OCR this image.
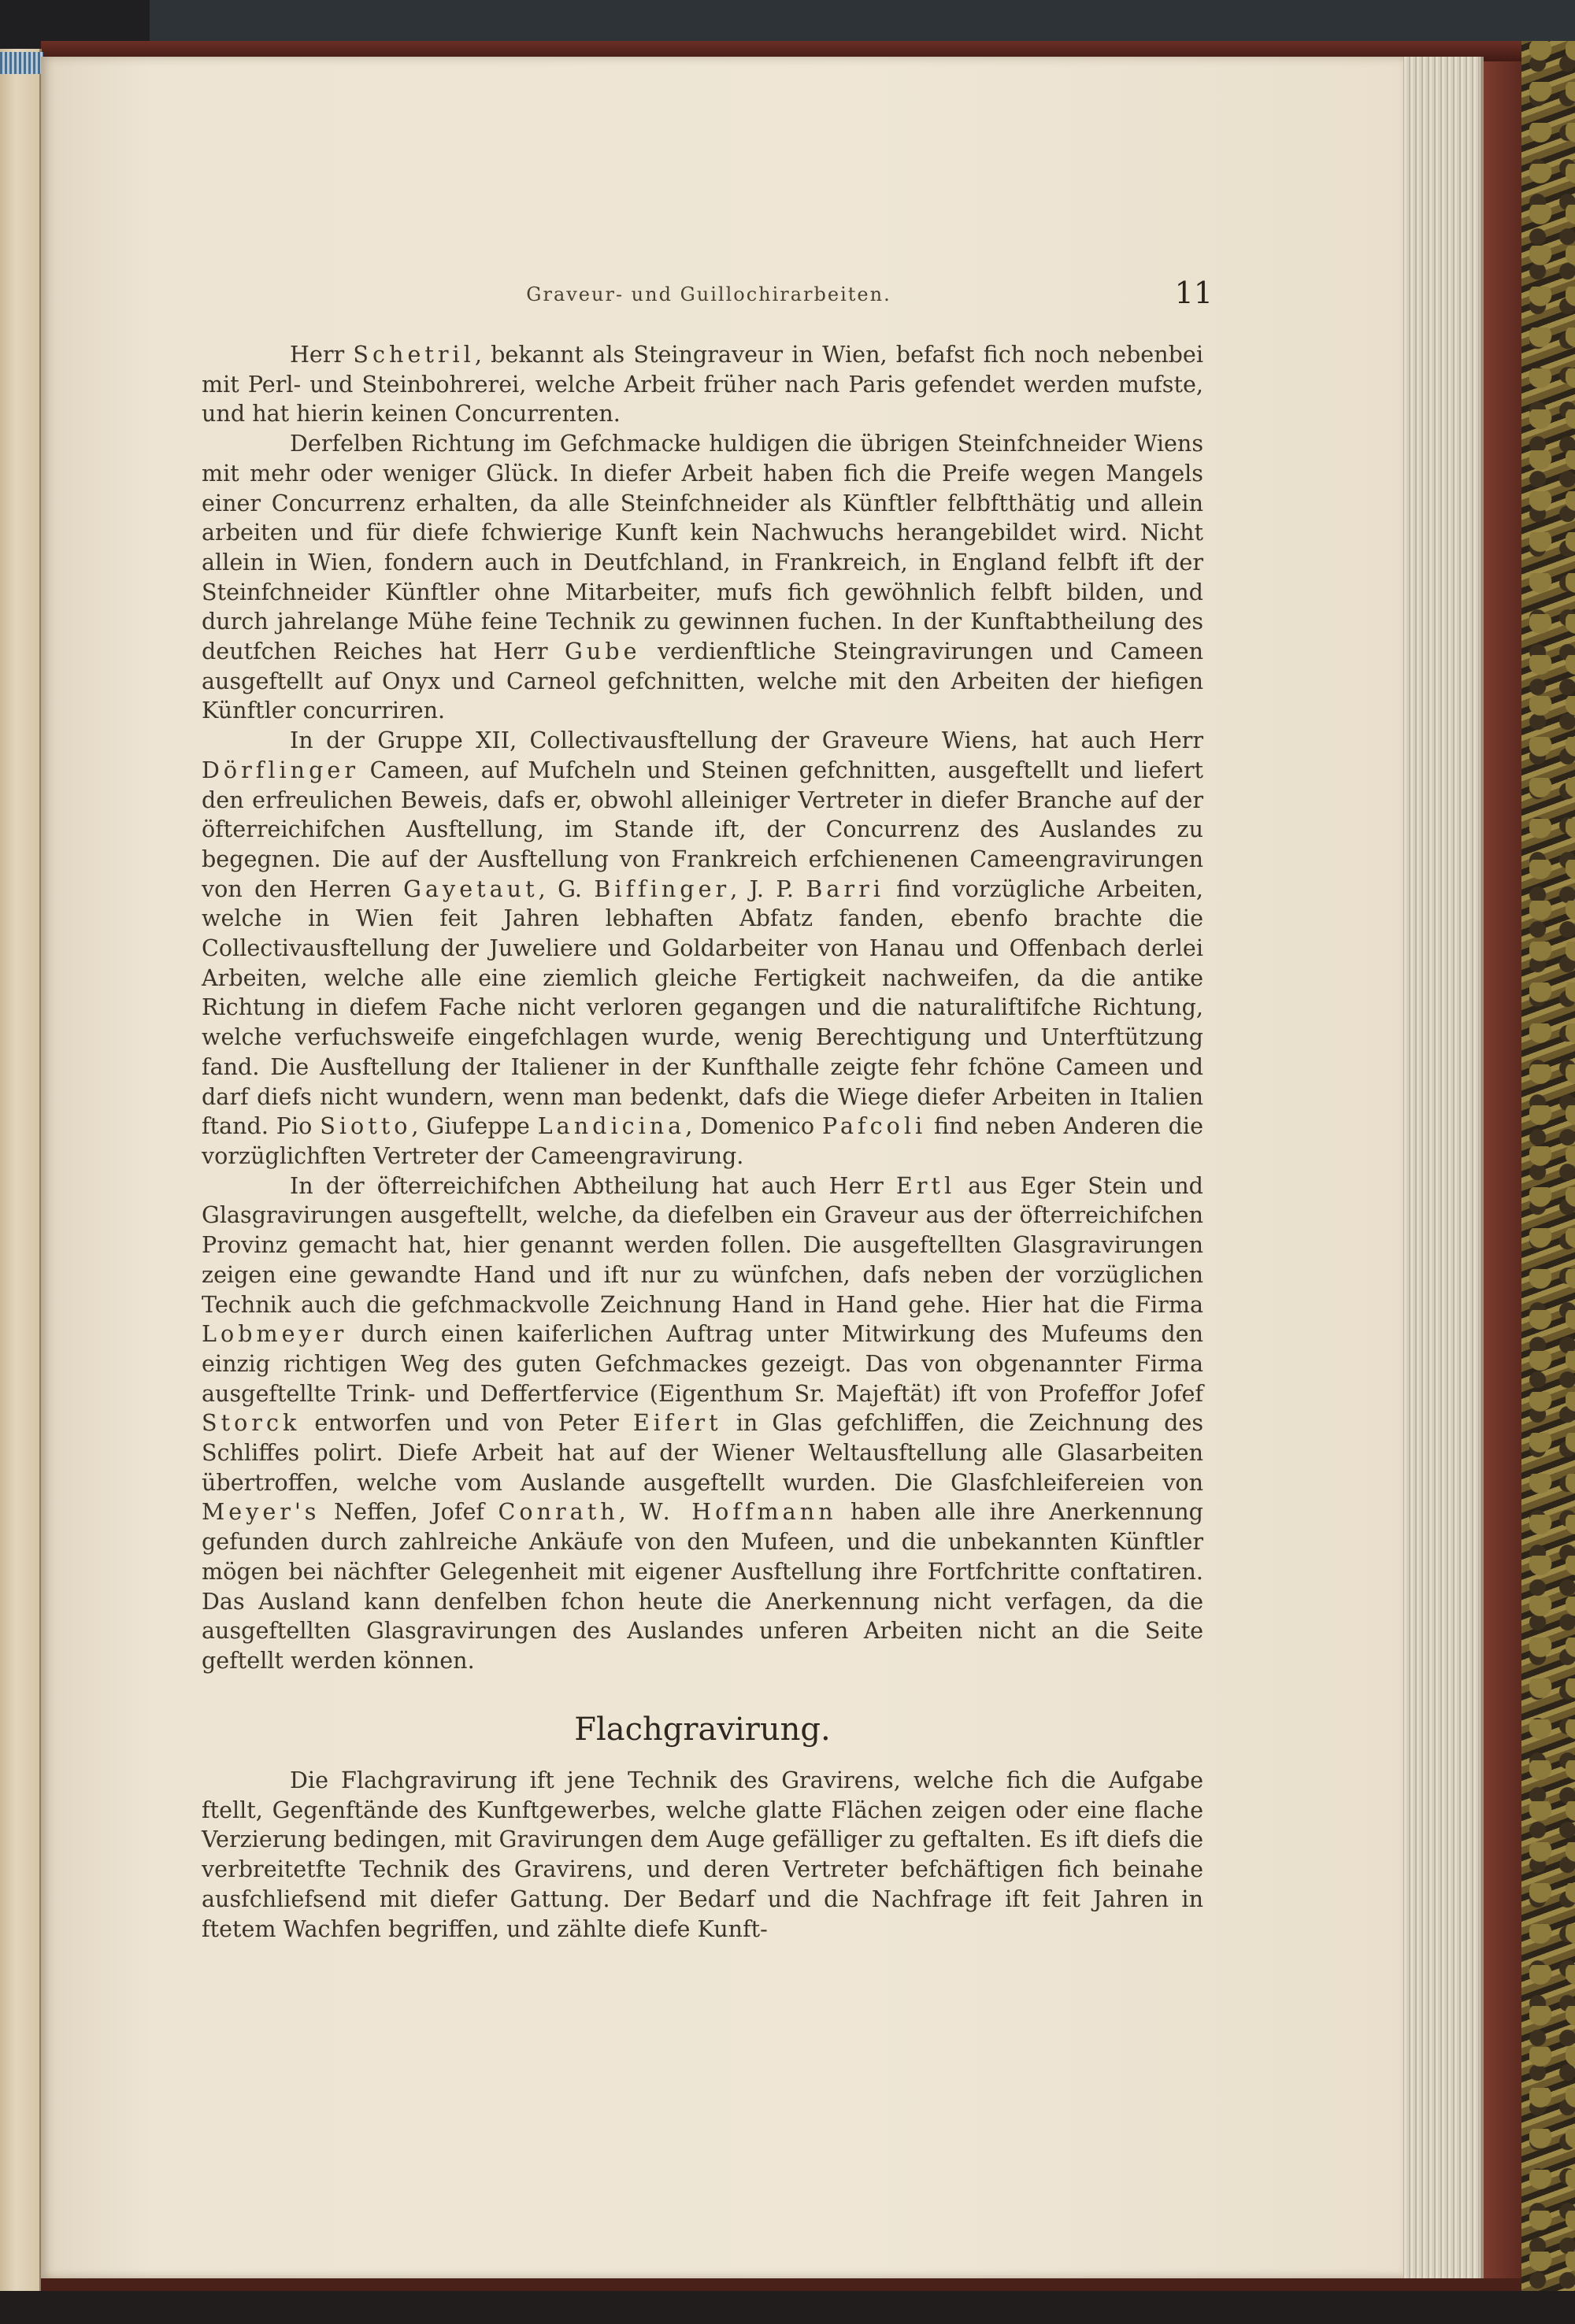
Graveur- und Guillochirarbeiten.	11

Herr Schetril, bekannt als Steingraveur in Wien, befafst fich noch nebenbei mit Perl- und Steinbohrerei, welche Arbeit früher nach Paris gefendet werden mufste, und hat hierin keinen Concurrenten.

Derfelben Richtung im Gefchmacke huldigen die übrigen Steinfchneider Wiens mit mehr oder weniger Glück. In diefer Arbeit haben fich die Preife wegen Mangels einer Concurrenz erhalten, da alle Steinfchneider als Künftler felbftthätig und allein arbeiten und für diefe fchwierige Kunft kein Nachwuchs herangebildet wird. Nicht allein in Wien, fondern auch in Deutfchland, in Frankreich, in England felbft ift der Steinfchneider Künftler ohne Mitarbeiter, mufs fich gewöhnlich felbft bilden, und durch jahrelange Mühe feine Technik zu gewinnen fuchen. In der Kunftabtheilung des deutfchen Reiches hat Herr Gube verdienftliche Steingravirungen und Cameen ausgeftellt auf Onyx und Carneol gefchnitten, welche mit den Arbeiten der hiefigen Künftler concurriren.

In der Gruppe XII, Collectivausftellung der Graveure Wiens, hat auch Herr Dörflinger Cameen, auf Mufcheln und Steinen gefchnitten, ausgeftellt und liefert den erfreulichen Beweis, dafs er, obwohl alleiniger Vertreter in diefer Branche auf der öfterreichifchen Ausftellung, im Stande ift, der Concurrenz des Auslandes zu begegnen. Die auf der Ausftellung von Frankreich erfchienenen Cameengravirungen von den Herren Gayetaut, G. Biffinger, J. P. Barri find vorzügliche Arbeiten, welche in Wien feit Jahren lebhaften Abfatz fanden, ebenfo brachte die Collectivausftellung der Juweliere und Goldarbeiter von Hanau und Offenbach derlei Arbeiten, welche alle eine ziemlich gleiche Fertigkeit nachweifen, da die antike Richtung in diefem Fache nicht verloren gegangen und die naturaliftifche Richtung, welche verfuchsweife eingefchlagen wurde, wenig Berechtigung und Unterftützung fand. Die Ausftellung der Italiener in der Kunfthalle zeigte fehr fchöne Cameen und darf diefs nicht wundern, wenn man bedenkt, dafs die Wiege diefer Arbeiten in Italien ftand. Pio Siotto, Giufeppe Landicina, Domenico Pafcoli find neben Anderen die vorzüglichften Vertreter der Cameengravirung.

In der öfterreichifchen Abtheilung hat auch Herr Ertl aus Eger Stein und Glasgravirungen ausgeftellt, welche, da diefelben ein Graveur aus der öfterreichifchen Provinz gemacht hat, hier genannt werden follen. Die ausgeftellten Glasgravirungen zeigen eine gewandte Hand und ift nur zu wünfchen, dafs neben der vorzüglichen Technik auch die gefchmackvolle Zeichnung Hand in Hand gehe. Hier hat die Firma Lobmeyer durch einen kaiferlichen Auftrag unter Mitwirkung des Mufeums den einzig richtigen Weg des guten Gefchmackes gezeigt. Das von obgenannter Firma ausgeftellte Trink- und Deffertfervice (Eigenthum Sr. Majeftät) ift von Profeffor Jofef Storck entworfen und von Peter Eifert in Glas gefchliffen, die Zeichnung des Schliffes polirt. Diefe Arbeit hat auf der Wiener Weltausftellung alle Glasarbeiten übertroffen, welche vom Auslande ausgeftellt wurden. Die Glasfchleifereien von Meyer's Neffen, Jofef Conrath, W. Hoffmann haben alle ihre Anerkennung gefunden durch zahlreiche Ankäufe von den Mufeen, und die unbekannten Künftler mögen bei nächfter Gelegenheit mit eigener Ausftellung ihre Fortfchritte conftatiren. Das Ausland kann denfelben fchon heute die Anerkennung nicht verfagen, da die ausgeftellten Glasgravirungen des Auslandes unferen Arbeiten nicht an die Seite geftellt werden können.

Flachgravirung.

Die Flachgravirung ift jene Technik des Gravirens, welche fich die Aufgabe ftellt, Gegenftände des Kunftgewerbes, welche glatte Flächen zeigen oder eine flache Verzierung bedingen, mit Gravirungen dem Auge gefälliger zu geftalten. Es ift diefs die verbreitetfte Technik des Gravirens, und deren Vertreter befchäftigen fich beinahe ausfchliefsend mit diefer Gattung. Der Bedarf und die Nachfrage ift feit Jahren in ftetem Wachfen begriffen, und zählte diefe Kunft-
